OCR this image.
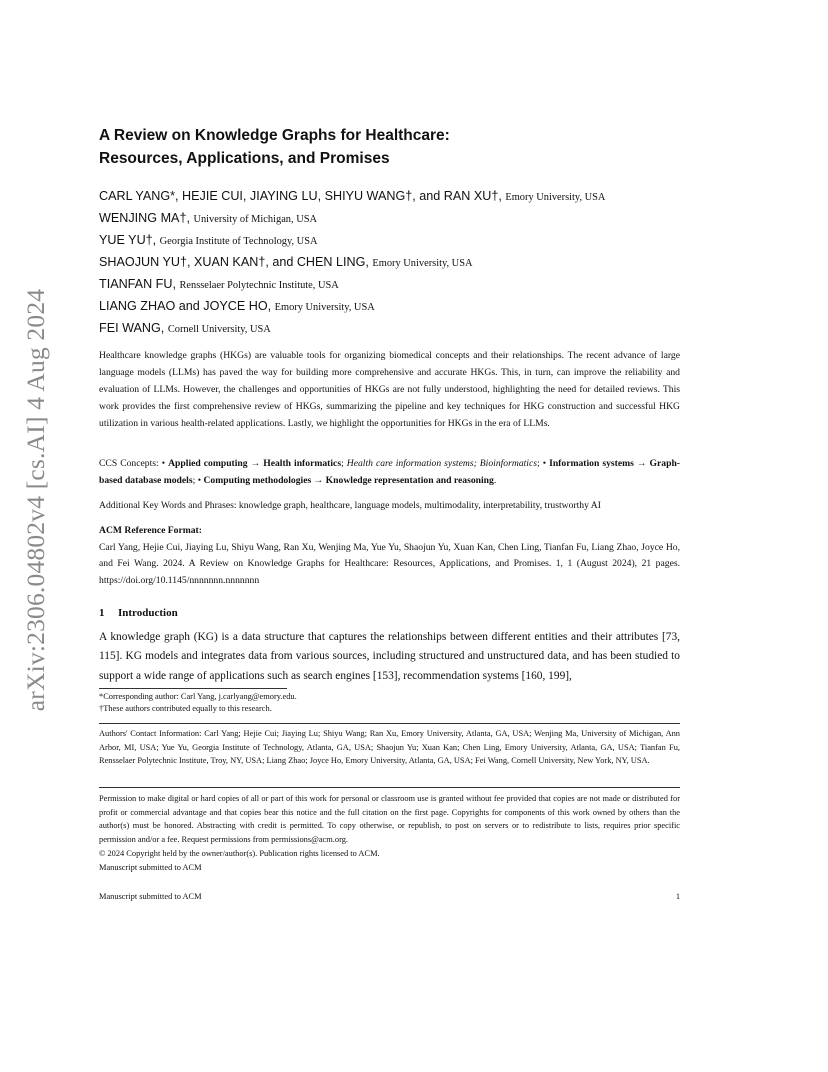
arXiv:2306.04802v4 [cs.AI] 4 Aug 2024
A Review on Knowledge Graphs for Healthcare:
Resources, Applications, and Promises
CARL YANG*, HEJIE CUI, JIAYING LU, SHIYU WANG†, and RAN XU†, Emory University, USA
WENJING MA†, University of Michigan, USA
YUE YU†, Georgia Institute of Technology, USA
SHAOJUN YU†, XUAN KAN†, and CHEN LING, Emory University, USA
TIANFAN FU, Rensselaer Polytechnic Institute, USA
LIANG ZHAO and JOYCE HO, Emory University, USA
FEI WANG, Cornell University, USA

Healthcare knowledge graphs (HKGs) are valuable tools for organizing biomedical concepts and their relationships. The recent advance of large language models (LLMs) has paved the way for building more comprehensive and accurate HKGs. This, in turn, can improve the reliability and evaluation of LLMs. However, the challenges and opportunities of HKGs are not fully understood, highlighting the need for detailed reviews. This work provides the first comprehensive review of HKGs, summarizing the pipeline and key techniques for HKG construction and successful HKG utilization in various health-related applications. Lastly, we highlight the opportunities for HKGs in the era of LLMs.

CCS Concepts: • Applied computing → Health informatics; Health care information systems; Bioinformatics; • Information systems → Graph-based database models; • Computing methodologies → Knowledge representation and reasoning.

Additional Key Words and Phrases: knowledge graph, healthcare, language models, multimodality, interpretability, trustworthy AI

ACM Reference Format:

Carl Yang, Hejie Cui, Jiaying Lu, Shiyu Wang, Ran Xu, Wenjing Ma, Yue Yu, Shaojun Yu, Xuan Kan, Chen Ling, Tianfan Fu, Liang Zhao, Joyce Ho, and Fei Wang. 2024. A Review on Knowledge Graphs for Healthcare: Resources, Applications, and Promises. 1, 1 (August 2024), 21 pages. https://doi.org/10.1145/nnnnnnn.nnnnnnn

1 Introduction

A knowledge graph (KG) is a data structure that captures the relationships between different entities and their attributes [73, 115]. KG models and integrates data from various sources, including structured and unstructured data, and has been studied to support a wide range of applications such as search engines [153], recommendation systems [160, 199],

*Corresponding author: Carl Yang, j.carlyang@emory.edu.
†These authors contributed equally to this research.

Authors' Contact Information: Carl Yang; Hejie Cui; Jiaying Lu; Shiyu Wang; Ran Xu, Emory University, Atlanta, GA, USA; Wenjing Ma, University of Michigan, Ann Arbor, MI, USA; Yue Yu, Georgia Institute of Technology, Atlanta, GA, USA; Shaojun Yu; Xuan Kan; Chen Ling, Emory University, Atlanta, GA, USA; Tianfan Fu, Rensselaer Polytechnic Institute, Troy, NY, USA; Liang Zhao; Joyce Ho, Emory University, Atlanta, GA, USA; Fei Wang, Cornell University, New York, NY, USA.

Permission to make digital or hard copies of all or part of this work for personal or classroom use is granted without fee provided that copies are not made or distributed for profit or commercial advantage and that copies bear this notice and the full citation on the first page. Copyrights for components of this work owned by others than the author(s) must be honored. Abstracting with credit is permitted. To copy otherwise, or republish, to post on servers or to redistribute to lists, requires prior specific permission and/or a fee. Request permissions from permissions@acm.org.

© 2024 Copyright held by the owner/author(s). Publication rights licensed to ACM.
Manuscript submitted to ACM
Manuscript submitted to ACM	1
